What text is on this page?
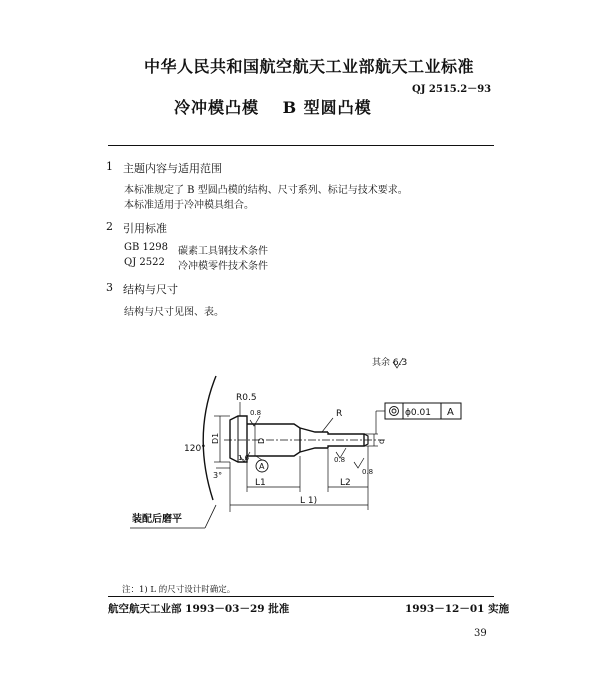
中华人民共和国航空航天工业部航天工业标准
QJ 2515.2－93
冷冲模凸模　 B 型圆凸模
1 主题内容与适用范围
本标准规定了 B 型圆凸模的结构、尺寸系列、标记与技术要求。
本标准适用于冷冲模具组合。
2 引用标准
GB 1298 碳素工具钢技术条件
QJ 2522 冷冲模零件技术条件
3 结构与尺寸
结构与尺寸见图、表。
其余 6.3
R0.5
R
120°
3°
D1	D	d
L1	L2
L 1)
A
ϕ0.01 A
0.8
1.6	0.8
0.8
装配后磨平
注：1) L 的尺寸设计时确定。
航空航天工业部 1993－03－29 批准	1993－12－01 实施
39
